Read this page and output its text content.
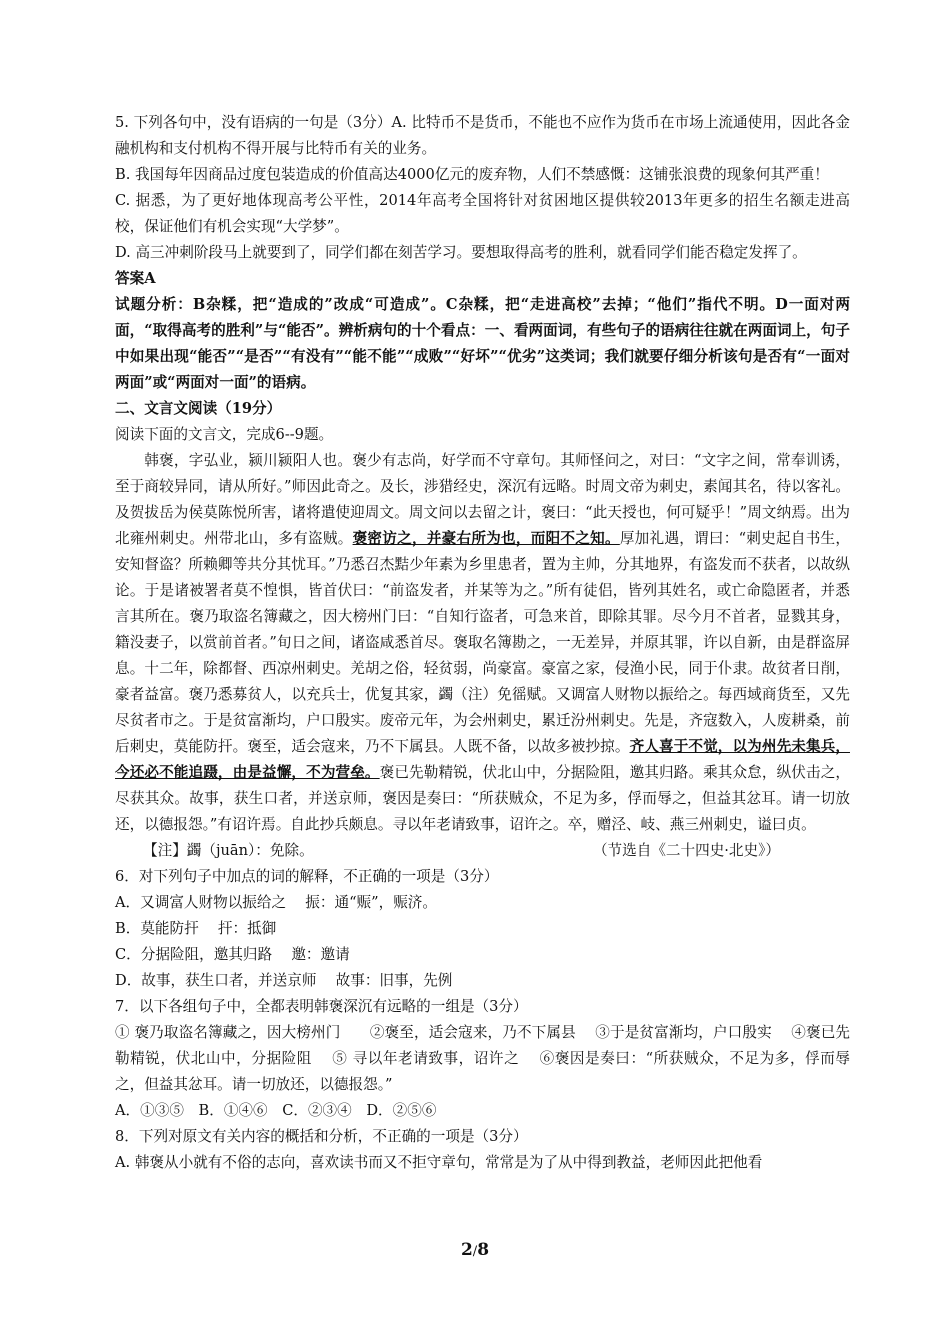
5. 下列各句中，没有语病的一句是（3分）A. 比特币不是货币，不能也不应作为货币在市场上流通使用，因此各金融机构和支付机构不得开展与比特币有关的业务。

B. 我国每年因商品过度包装造成的价值高达4000亿元的废弃物，人们不禁感慨：这铺张浪费的现象何其严重！

C. 据悉，为了更好地体现高考公平性，2014年高考全国将针对贫困地区提供较2013年更多的招生名额走进高校，保证他们有机会实现“大学梦”。

D. 高三冲刺阶段马上就要到了，同学们都在刻苦学习。要想取得高考的胜利，就看同学们能否稳定发挥了。

答案A

试题分析：B杂糅，把“造成的”改成“可造成”。C杂糅，把“走进高校”去掉；“他们”指代不明。D一面对两面，“取得高考的胜利”与“能否”。辨析病句的十个看点：一、看两面词，有些句子的语病往往就在两面词上，句子中如果出现“能否”“是否”“有没有”“能不能”“成败”“好坏”“优劣”这类词；我们就要仔细分析该句是否有“一面对两面”或“两面对一面”的语病。

二、文言文阅读（19分）

阅读下面的文言文，完成6--9题。

韩褒，字弘业，颍川颍阳人也。褒少有志尚，好学而不守章句。其师怪问之，对曰：“文字之间，常奉训诱，至于商较异同，请从所好。”师因此奇之。及长，涉猎经史，深沉有远略。时周文帝为刺史，素闻其名，待以客礼。及贺拔岳为侯莫陈悦所害，诸将遣使迎周文。周文问以去留之计，褒曰：“此天授也，何可疑乎！”周文纳焉。出为北雍州刺史。州带北山，多有盗贼。褒密访之，并豪右所为也，而阳不之知。厚加礼遇，谓曰：“刺史起自书生，安知督盗？所赖卿等共分其忧耳。”乃悉召杰黠少年素为乡里患者，置为主帅，分其地界，有盗发而不获者，以故纵论。于是诸被署者莫不惶惧，皆首伏曰：“前盗发者，并某等为之。”所有徒侣，皆列其姓名，或亡命隐匿者，并悉言其所在。褒乃取盗名簿藏之，因大榜州门曰：“自知行盗者，可急来首，即除其罪。尽今月不首者，显戮其身，籍没妻子，以赏前首者。”旬日之间，诸盗咸悉首尽。褒取名簿勘之，一无差异，并原其罪，许以自新，由是群盗屏息。十二年，除都督、西凉州刺史。羌胡之俗，轻贫弱，尚豪富。豪富之家，侵渔小民，同于仆隶。故贫者日削，豪者益富。褒乃悉募贫人，以充兵士，优复其家，蠲（注）免徭赋。又调富人财物以振给之。每西域商货至，又先尽贫者市之。于是贫富渐均，户口殷实。废帝元年，为会州刺史，累迁汾州刺史。先是，齐寇数入，人废耕桑，前后刺史，莫能防扞。褒至，适会寇来，乃不下属县。人既不备，以故多被抄掠。齐人喜于不觉，以为州先未集兵，今还必不能追蹑，由是益懈，不为营垒。褒已先勒精锐，伏北山中，分据险阻，邀其归路。乘其众怠，纵伏击之，尽获其众。故事，获生口者，并送京师，褒因是奏曰：“所获贼众，不足为多，俘而辱之，但益其忿耳。请一切放还，以德报怨。”有诏许焉。自此抄兵颇息。寻以年老请致事，诏许之。卒，赠泾、岐、燕三州刺史，谥曰贞。

【注】蠲（juān）：免除。	（节选自《二十四史·北史》）

6．对下列句子中加点的词的解释，不正确的一项是（3分）

A．又调富人财物以振给之　 振：通“赈”，赈济。

B．莫能防扞　 扞：抵御

C．分据险阻，邀其归路　 邀：邀请

D．故事，获生口者，并送京师　 故事：旧事，先例

7．以下各组句子中，全都表明韩褒深沉有远略的一组是（3分）

① 褒乃取盗名簿藏之，因大榜州门　　②褒至，适会寇来，乃不下属县　 ③于是贫富渐均，户口殷实　 ④褒已先勒精锐，伏北山中，分据险阻　 ⑤ 寻以年老请致事，诏许之　 ⑥褒因是奏曰：“所获贼众，不足为多，俘而辱之，但益其忿耳。请一切放还，以德报怨。”

A．①③⑤　B．①④⑥　C．②③④　D．②⑤⑥

8．下列对原文有关内容的概括和分析，不正确的一项是（3分）

A. 韩褒从小就有不俗的志向，喜欢读书而又不拒守章句，常常是为了从中得到教益，老师因此把他看

2/8
